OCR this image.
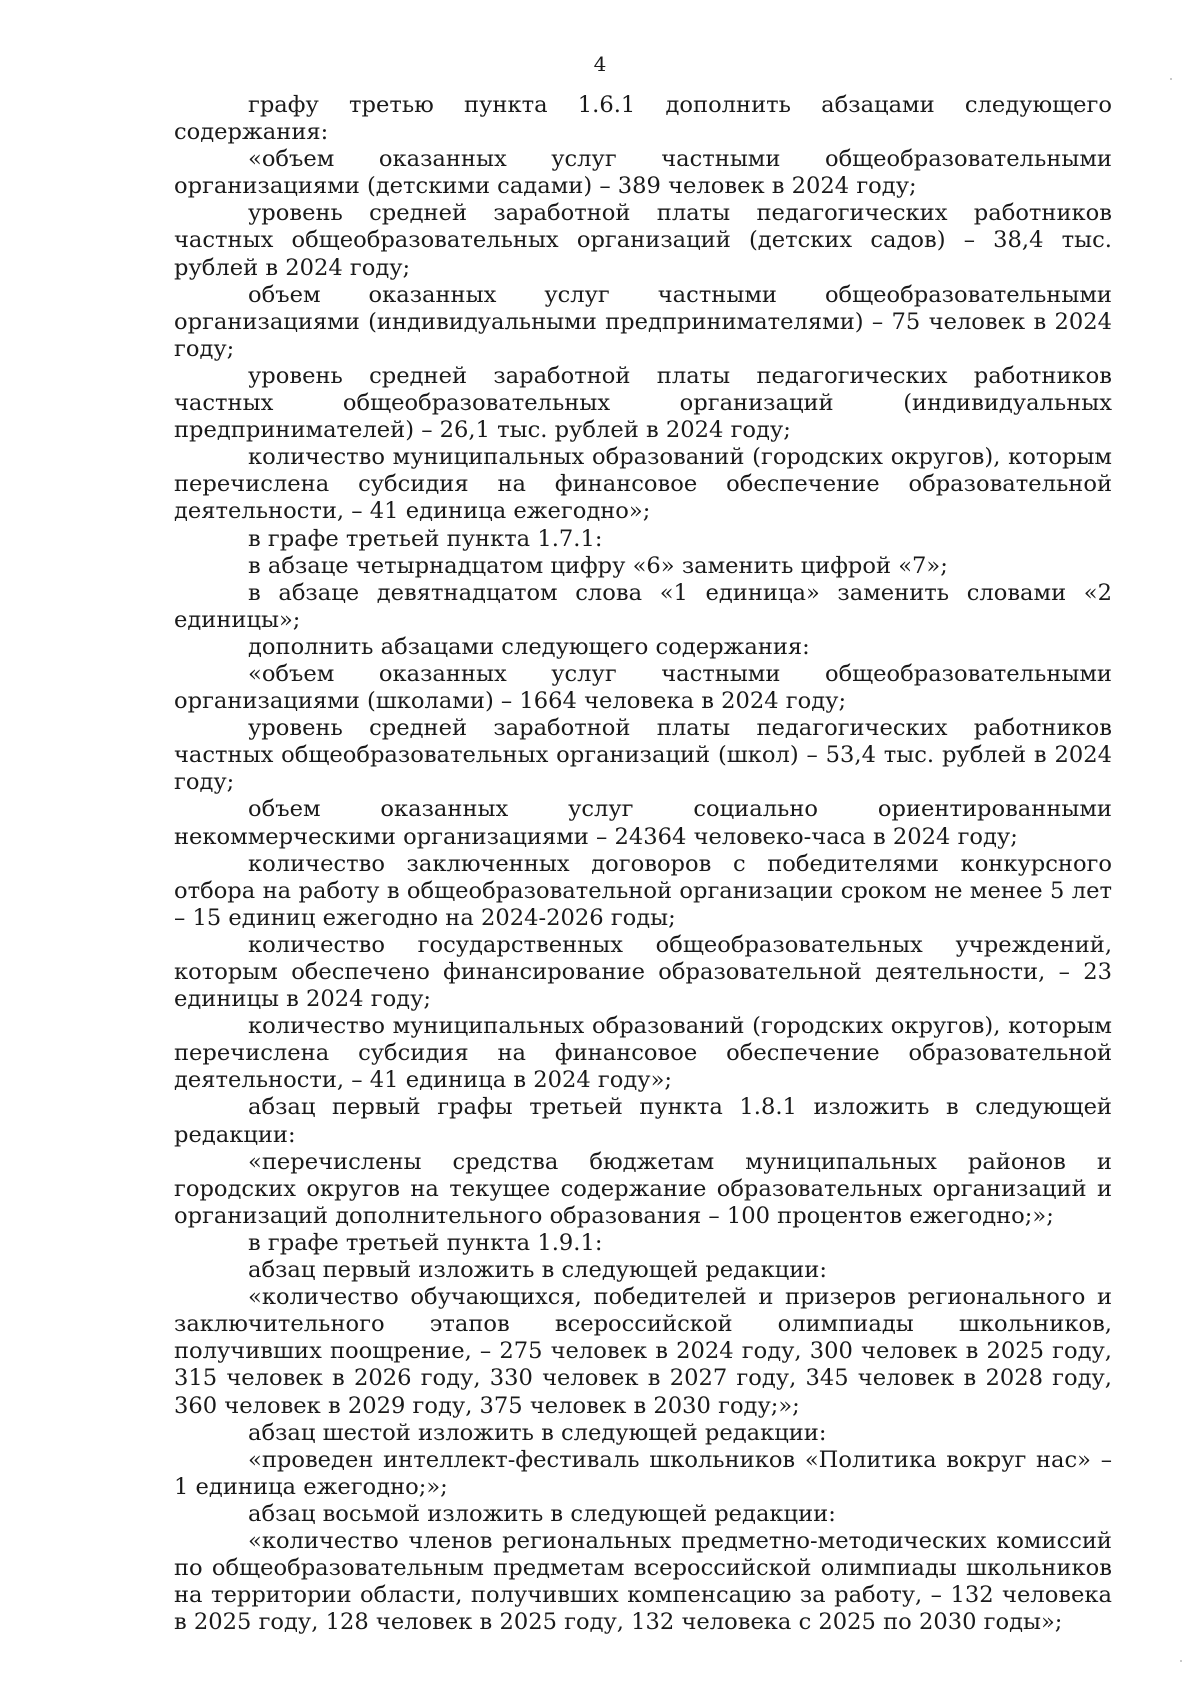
4

графу третью пункта 1.6.1 дополнить абзацами следующего содержания:

«объем оказанных услуг частными общеобразовательными организациями (детскими садами) – 389 человек в 2024 году;

уровень средней заработной платы педагогических работников частных общеобразовательных организаций (детских садов) – 38,4 тыс. рублей в 2024 году;

объем оказанных услуг частными общеобразовательными организациями (индивидуальными предпринимателями) – 75 человек в 2024 году;

уровень средней заработной платы педагогических работников частных общеобразовательных организаций (индивидуальных предпринимателей) – 26,1 тыс. рублей в 2024 году;

количество муниципальных образований (городских округов), которым перечислена субсидия на финансовое обеспечение образовательной деятельности, – 41 единица ежегодно»;

в графе третьей пункта 1.7.1:

в абзаце четырнадцатом цифру «6» заменить цифрой «7»;

в абзаце девятнадцатом слова «1 единица» заменить словами «2 единицы»;

дополнить абзацами следующего содержания:

«объем оказанных услуг частными общеобразовательными организациями (школами) – 1664 человека в 2024 году;

уровень средней заработной платы педагогических работников частных общеобразовательных организаций (школ) – 53,4 тыс. рублей в 2024 году;

объем оказанных услуг социально ориентированными некоммерческими организациями – 24364 человеко-часа в 2024 году;

количество заключенных договоров с победителями конкурсного отбора на работу в общеобразовательной организации сроком не менее 5 лет – 15 единиц ежегодно на 2024-2026 годы;

количество государственных общеобразовательных учреждений, которым обеспечено финансирование образовательной деятельности, – 23 единицы в 2024 году;

количество муниципальных образований (городских округов), которым перечислена субсидия на финансовое обеспечение образовательной деятельности, – 41 единица в 2024 году»;

абзац первый графы третьей пункта 1.8.1 изложить в следующей редакции:

«перечислены средства бюджетам муниципальных районов и городских округов на текущее содержание образовательных организаций и организаций дополнительного образования – 100 процентов ежегодно;»;

в графе третьей пункта 1.9.1:

абзац первый изложить в следующей редакции:

«количество обучающихся, победителей и призеров регионального и заключительного этапов всероссийской олимпиады школьников, получивших поощрение, – 275 человек в 2024 году, 300 человек в 2025 году, 315 человек в 2026 году, 330 человек в 2027 году, 345 человек в 2028 году, 360 человек в 2029 году, 375 человек в 2030 году;»;

абзац шестой изложить в следующей редакции:

«проведен интеллект-фестиваль школьников «Политика вокруг нас» – 1 единица ежегодно;»;

абзац восьмой изложить в следующей редакции:

«количество членов региональных предметно-методических комиссий по общеобразовательным предметам всероссийской олимпиады школьников на территории области, получивших компенсацию за работу, – 132 человека в 2025 году, 128 человек в 2025 году, 132 человека с 2025 по 2030 годы»;
